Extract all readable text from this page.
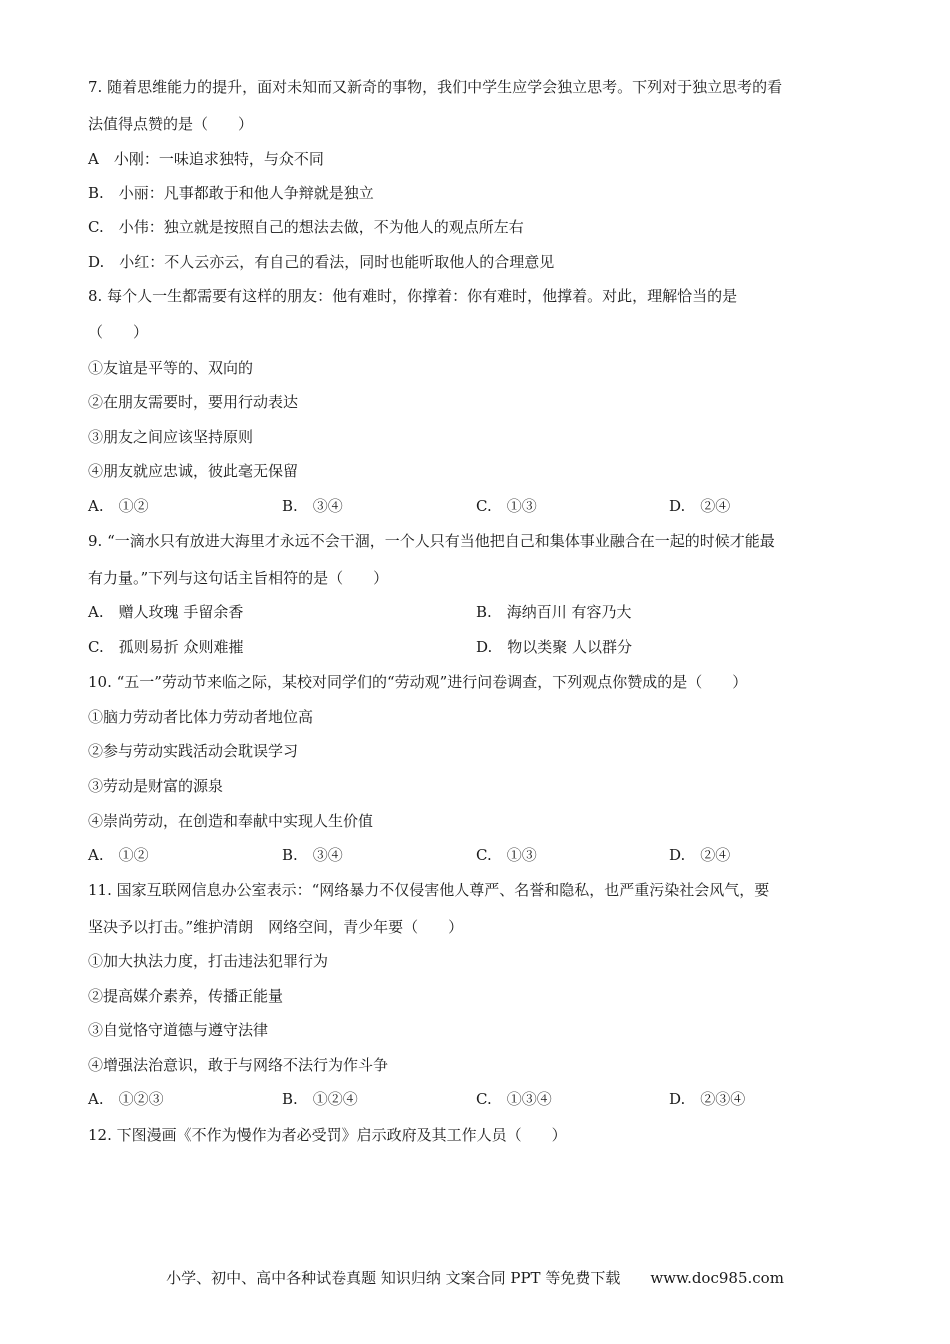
7. 随着思维能力的提升，面对未知而又新奇的事物，我们中学生应学会独立思考。下列对于独立思考的看
法值得点赞的是（　　）
A　小刚：一味追求独特，与众不同
B.　小丽：凡事都敢于和他人争辩就是独立
C.　小伟：独立就是按照自己的想法去做，不为他人的观点所左右
D.　小红：不人云亦云，有自己的看法，同时也能听取他人的合理意见
8. 每个人一生都需要有这样的朋友：他有难时，你撑着：你有难时，他撑着。对此，理解恰当的是
（　　）
①友谊是平等的、双向的
②在朋友需要时，要用行动表达
③朋友之间应该坚持原则
④朋友就应忠诚，彼此毫无保留
A.　①②	B.　③④	C.　①③	D.　②④
9. “一滴水只有放进大海里才永远不会干涸，一个人只有当他把自己和集体事业融合在一起的时候才能最
有力量。”下列与这句话主旨相符的是（　　）
A.　赠人玫瑰 手留余香	B.　海纳百川 有容乃大
C.　孤则易折 众则难摧	D.　物以类聚 人以群分
10. “五一”劳动节来临之际，某校对同学们的“劳动观”进行问卷调查，下列观点你赞成的是（　　）
①脑力劳动者比体力劳动者地位高
②参与劳动实践活动会耽误学习
③劳动是财富的源泉
④崇尚劳动，在创造和奉献中实现人生价值
A.　①②	B.　③④	C.　①③	D.　②④
11. 国家互联网信息办公室表示：“网络暴力不仅侵害他人尊严、名誉和隐私，也严重污染社会风气，要
坚决予以打击。”维护清朗　网络空间，青少年要（　　）
①加大执法力度，打击违法犯罪行为
②提高媒介素养，传播正能量
③自觉恪守道德与遵守法律
④增强法治意识，敢于与网络不法行为作斗争
A.　①②③	B.　①②④	C.　①③④	D.　②③④
12. 下图漫画《不作为慢作为者必受罚》启示政府及其工作人员（　　）
小学、初中、高中各种试卷真题 知识归纳 文案合同 PPT 等免费下载　　www.doc985.com
